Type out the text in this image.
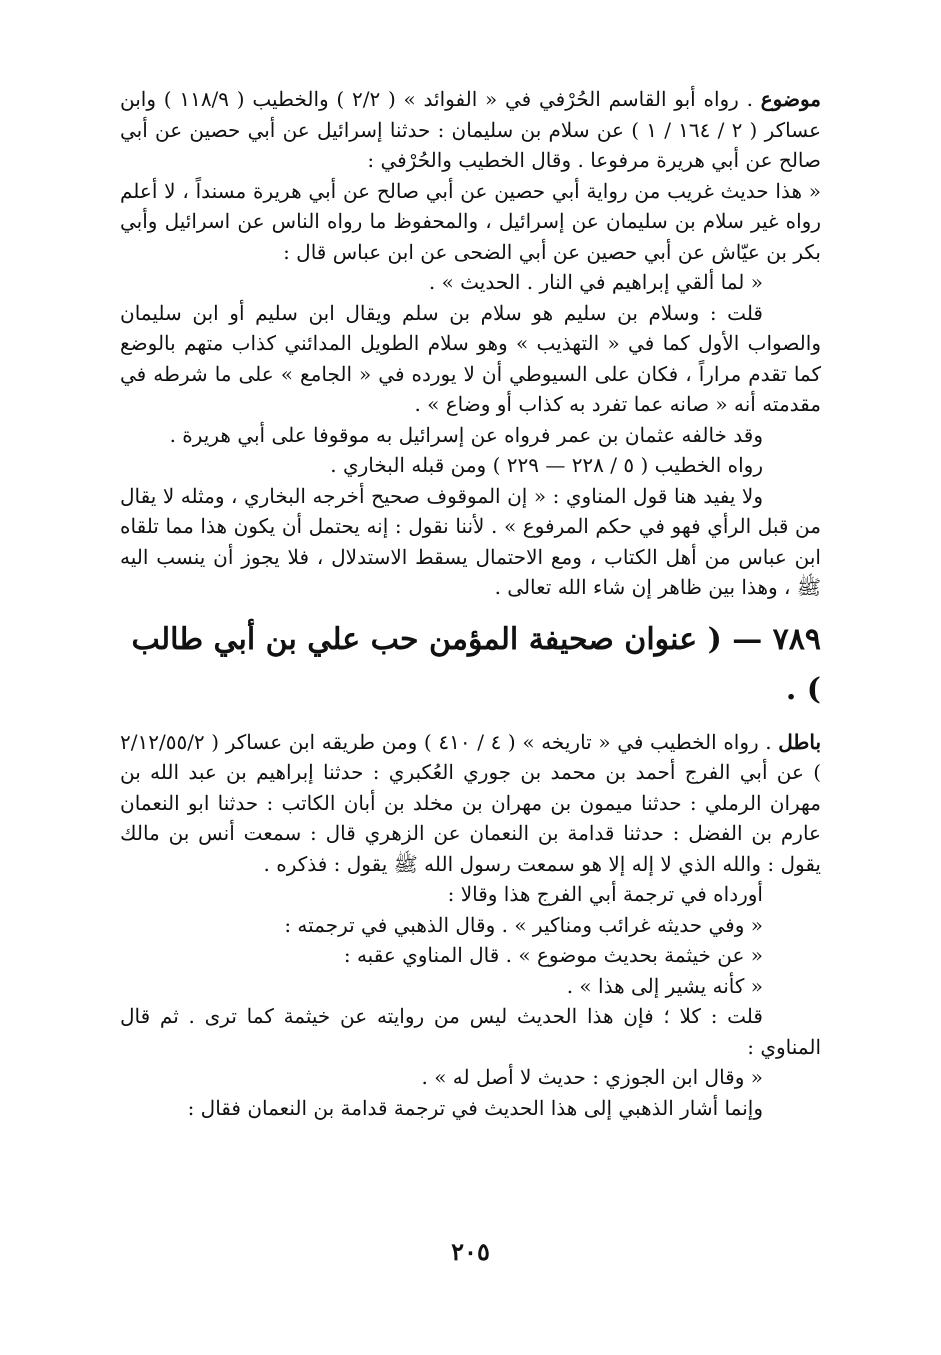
موضوع . رواه أبو القاسم الحُرْفي في « الفوائد » ( ٢/٢ ) والخطيب ( ١١٨/٩ ) وابن عساكر ( ٢ / ١٦٤ / ١ ) عن سلام بن سليمان : حدثنا إسرائيل عن أبي حصين عن أبي صالح عن أبي هريرة مرفوعا . وقال الخطيب والحُرْفي :

« هذا حديث غريب من رواية أبي حصين عن أبي صالح عن أبي هريرة مسنداً ، لا أعلم رواه غير سلام بن سليمان عن إسرائيل ، والمحفوظ ما رواه الناس عن اسرائيل وأبي بكر بن عيّاش عن أبي حصين عن أبي الضحى عن ابن عباس قال :

« لما ألقي إبراهيم في النار . الحديث » .

قلت : وسلام بن سليم هو سلام بن سلم ويقال ابن سليم أو ابن سليمان والصواب الأول كما في « التهذيب » وهو سلام الطويل المدائني كذاب متهم بالوضع كما تقدم مراراً ، فكان على السيوطي أن لا يورده في « الجامع » على ما شرطه في مقدمته أنه « صانه عما تفرد به كذاب أو وضاع » .

وقد خالفه عثمان بن عمر فرواه عن إسرائيل به موقوفا على أبي هريرة .

رواه الخطيب ( ٥ / ٢٢٨ — ٢٢٩ ) ومن قبله البخاري .

ولا يفيد هنا قول المناوي : « إن الموقوف صحيح أخرجه البخاري ، ومثله لا يقال من قبل الرأي فهو في حكم المرفوع » . لأننا نقول : إنه يحتمل أن يكون هذا مما تلقاه ابن عباس من أهل الكتاب ، ومع الاحتمال يسقط الاستدلال ، فلا يجوز أن ينسب اليه ﷺ ، وهذا بين ظاهر إن شاء الله تعالى .

٧٨٩ — ( عنوان صحيفة المؤمن حب علي بن أبي طالب ) .

باطل . رواه الخطيب في « تاريخه » ( ٤ / ٤١٠ ) ومن طريقه ابن عساكر ( ٢/١٢/٥٥/٢ ) عن أبي الفرج أحمد بن محمد بن جوري العُكبري : حدثنا إبراهيم بن عبد الله بن مهران الرملي : حدثنا ميمون بن مهران بن مخلد بن أبان الكاتب : حدثنا ابو النعمان عارم بن الفضل : حدثنا قدامة بن النعمان عن الزهري قال : سمعت أنس بن مالك يقول : والله الذي لا إله إلا هو سمعت رسول الله ﷺ يقول : فذكره .

أورداه في ترجمة أبي الفرج هذا وقالا :

« وفي حديثه غرائب ومناكير » . وقال الذهبي في ترجمته :

« عن خيثمة بحديث موضوع » . قال المناوي عقبه :

« كأنه يشير إلى هذا » .

قلت : كلا ؛ فإن هذا الحديث ليس من روايته عن خيثمة كما ترى . ثم قال المناوي :

« وقال ابن الجوزي : حديث لا أصل له » .

وإنما أشار الذهبي إلى هذا الحديث في ترجمة قدامة بن النعمان فقال :

٢٠٥
